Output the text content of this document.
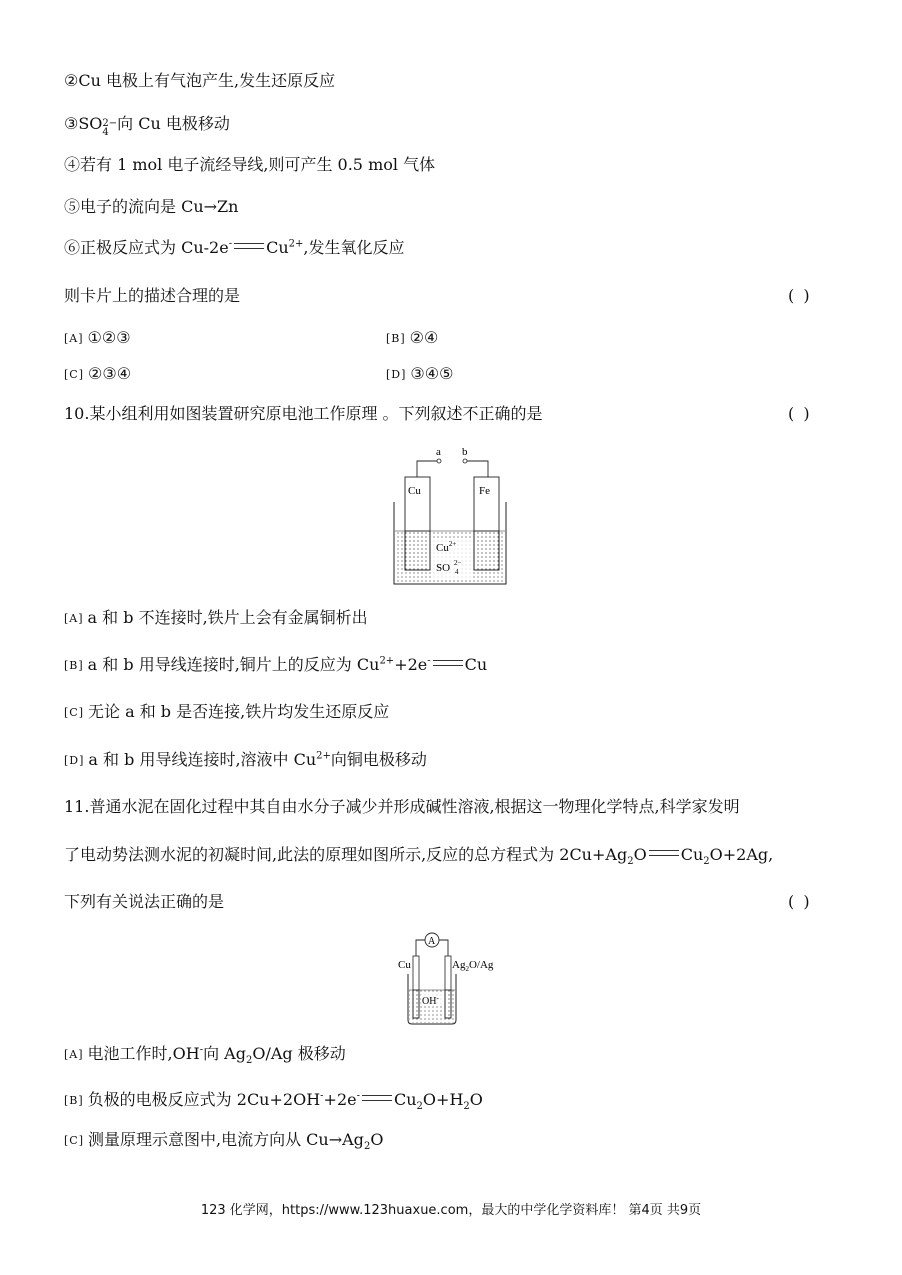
②Cu 电极上有气泡产生,发生还原反应
③SO 2−
4 向 Cu 电极移动
④若有 1 mol 电子流经导线,则可产生 0.5 mol 气体
⑤电子的流向是 Cu→Zn
⑥正极反应式为 Cu-2e- $Cu^{2+}$,发生氧化反应
则卡片上的描述合理的是	( )
[A] ①②③	[B] ②④
[C] ②③④	[D] ③④⑤
10.某小组利用如图装置研究原电池工作原理 。下列叙述不正确的是	( )
a b
Cu	Fe
$Cu^{2+}$
SO 2−
4
[A] a 和 b 不连接时,铁片上会有金属铜析出
[B] a 和 b 用导线连接时,铜片上的反应为 $Cu^{2+}+2e^-$ Cu
[C] 无论 a 和 b 是否连接,铁片均发生还原反应
[D] a 和 b 用导线连接时,溶液中 $Cu^{2+}$向铜电极移动
11.普通水泥在固化过程中其自由水分子减少并形成碱性溶液,根据这一物理化学特点,科学家发明
了电动势法测水泥的初凝时间,此法的原理如图所示,反应的总方程式为 $2Cu+Ag_2O$ $Cu_2O+2Ag$,
下列有关说法正确的是	( )
A
Cu	$Ag_2O/Ag$
OH-
[A] 电池工作时,OH-向 $Ag_2O/Ag$ 极移动
[B] 负极的电极反应式为 2Cu+2OH-+2e- $Cu_2O+H_2O$
[C] 测量原理示意图中,电流方向从 $Cu\to Ag_2O$
123 化学网，https://www.123huaxue.com，最大的中学化学资料库！ 第4页 共9页
